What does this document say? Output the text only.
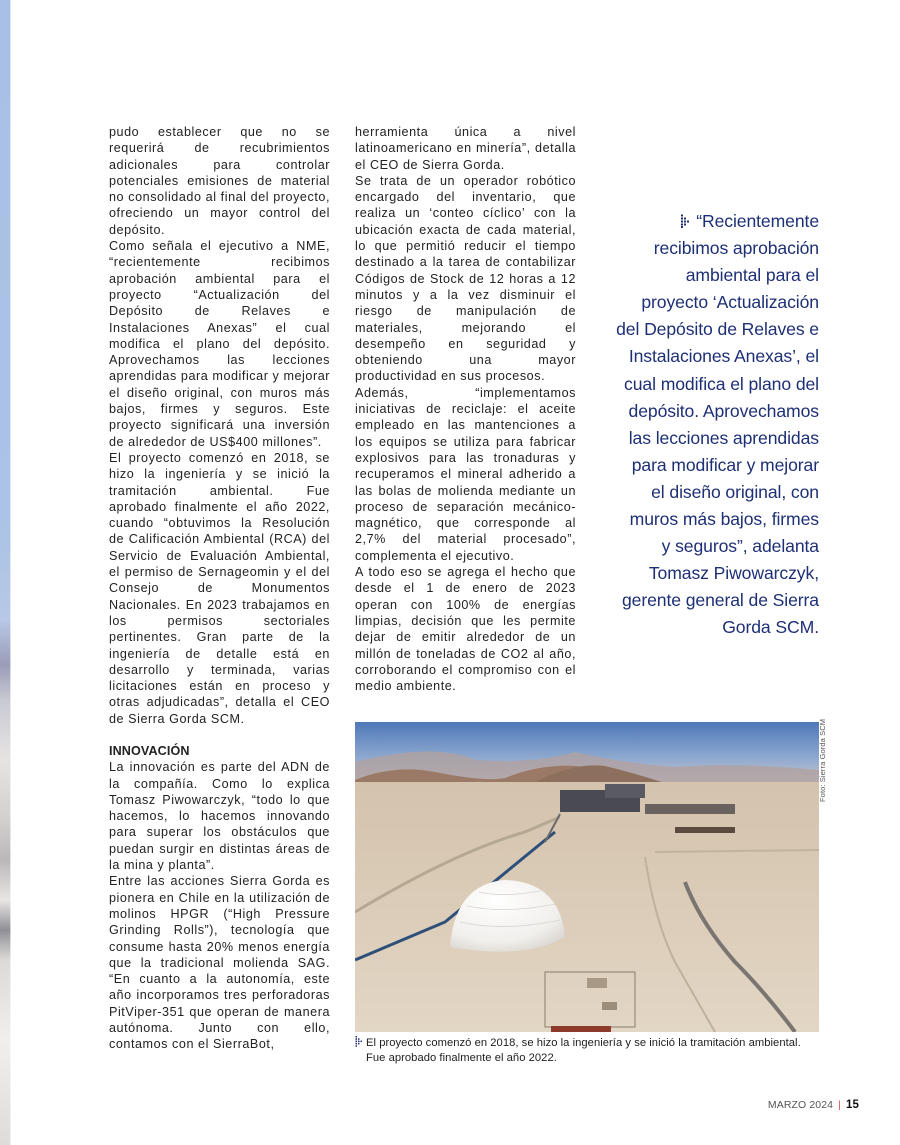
pudo establecer que no se requerirá de recubrimientos adicionales para controlar potenciales emisiones de material no consolidado al final del proyecto, ofreciendo un mayor control del depósito.

Como señala el ejecutivo a NME, “recientemente recibimos aprobación ambiental para el proyecto “Actualización del Depósito de Relaves e Instalaciones Anexas” el cual modifica el plano del depósito. Aprovechamos las lecciones aprendidas para modificar y mejorar el diseño original, con muros más bajos, firmes y seguros. Este proyecto significará una inversión de alrededor de US$400 millones”.

El proyecto comenzó en 2018, se hizo la ingeniería y se inició la tramitación ambiental. Fue aprobado finalmente el año 2022, cuando “obtuvimos la Resolución de Calificación Ambiental (RCA) del Servicio de Evaluación Ambiental, el permiso de Sernageomin y el del Consejo de Monumentos Nacionales. En 2023 trabajamos en los permisos sectoriales pertinentes. Gran parte de la ingeniería de detalle está en desarrollo y terminada, varias licitaciones están en proceso y otras adjudicadas”, detalla el CEO de Sierra Gorda SCM.

INNOVACIÓN

La innovación es parte del ADN de la compañía. Como lo explica Tomasz Piwowarczyk, “todo lo que hacemos, lo hacemos innovando para superar los obstáculos que puedan surgir en distintas áreas de la mina y planta”.

Entre las acciones Sierra Gorda es pionera en Chile en la utilización de molinos HPGR (“High Pressure Grinding Rolls”), tecnología que consume hasta 20% menos energía que la tradicional molienda SAG. “En cuanto a la autonomía, este año incorporamos tres perforadoras PitViper-351 que operan de manera autónoma. Junto con ello, contamos con el SierraBot,

herramienta única a nivel latinoamericano en minería”, detalla el CEO de Sierra Gorda.

Se trata de un operador robótico encargado del inventario, que realiza un ‘conteo cíclico’ con la ubicación exacta de cada material, lo que permitió reducir el tiempo destinado a la tarea de contabilizar Códigos de Stock de 12 horas a 12 minutos y a la vez disminuir el riesgo de manipulación de materiales, mejorando el desempeño en seguridad y obteniendo una mayor productividad en sus procesos.

Además, “implementamos iniciativas de reciclaje: el aceite empleado en las mantenciones a los equipos se utiliza para fabricar explosivos para las tronaduras y recuperamos el mineral adherido a las bolas de molienda mediante un proceso de separación mecánico-magnético, que corresponde al 2,7% del material procesado”, complementa el ejecutivo.

A todo eso se agrega el hecho que desde el 1 de enero de 2023 operan con 100% de energías limpias, decisión que les permite dejar de emitir alrededor de un millón de toneladas de CO2 al año, corroborando el compromiso con el medio ambiente.

“Recientemente
recibimos aprobación
ambiental para el
proyecto ‘Actualización
del Depósito de Relaves e
Instalaciones Anexas’, el
cual modifica el plano del
depósito. Aprovechamos
las lecciones aprendidas
para modificar y mejorar
el diseño original, con
muros más bajos, firmes
y seguros”, adelanta
Tomasz Piwowarczyk,
gerente general de Sierra
Gorda SCM.
Foto: Sierra Gorda SCM
El proyecto comenzó en 2018, se hizo la ingeniería y se inició la tramitación ambiental.
Fue aprobado finalmente el año 2022.
MARZO 2024 | 15
